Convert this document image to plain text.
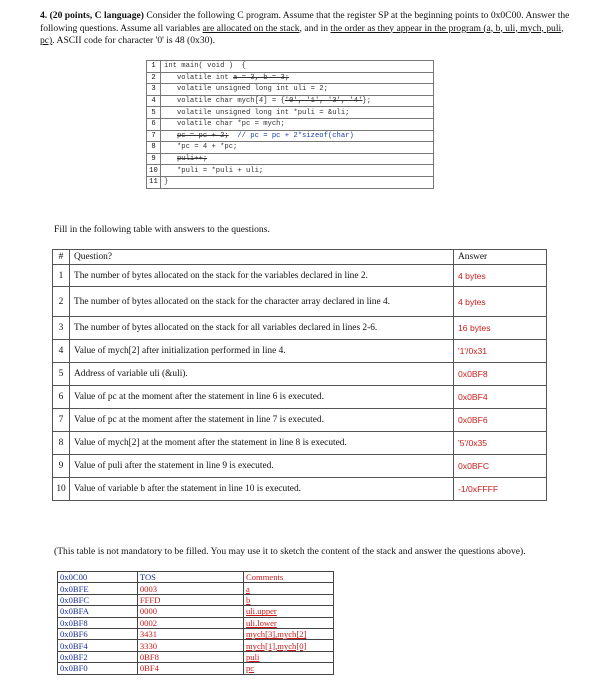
4. (20 points, C language) Consider the following C program. Assume that the register SP at the beginning points to 0x0C00. Answer the following questions. Assume all variables are allocated on the stack, and in the order as they appear in the program (a, b, uli, mych, puli, pc). ASCII code for character '0' is 48 (0x30).
1	int main( void )  {
2	volatile int a = 3, b = 3;
3	volatile unsigned long int uli = 2;
4	volatile char mych[4] = {'0', '1', '3', '4'};
5	volatile unsigned long int *puli = &uli;
6	volatile char *pc = mych;
7	pc = pc + 2;  // pc = pc + 2*sizeof(char)
8	*pc = 4 + *pc;
9	puli++;
10	*puli = *puli + uli;
11	}
Fill in the following table with answers to the questions.
#	Question?	Answer
1	The number of bytes allocated on the stack for the variables declared in line 2.	4 bytes
2	The number of bytes allocated on the stack for the character array declared in line 4.	4 bytes
3	The number of bytes allocated on the stack for all variables declared in lines 2-6.	16 bytes
4	Value of mych[2] after initialization performed in line 4.	'1'/0x31
5	Address of variable uli (&uli).	0x0BF8
6	Value of pc at the moment after the statement in line 6 is executed.	0x0BF4
7	Value of pc at the moment after the statement in line 7 is executed.	0x0BF6
8	Value of mych[2] at the moment after the statement in line 8 is executed.	'5'/0x35
9	Value of puli after the statement in line 9 is executed.	0x0BFC
10	Value of variable b after the statement in line 10 is executed.	-1/0xFFFF
(This table is not mandatory to be filled. You may use it to sketch the content of the stack and answer the questions above).
0x0C00	TOS	Comments
0x0BFE	0003	a
0x0BFC	FFFD	b
0x0BFA	0000	uli.upper
0x0BF8	0002	uli.lower
0x0BF6	3431	mych[3],mych[2]
0x0BF4	3330	mych[1],mych[0]
0x0BF2	0BF8	puli
0x0BF0	0BF4	pc
